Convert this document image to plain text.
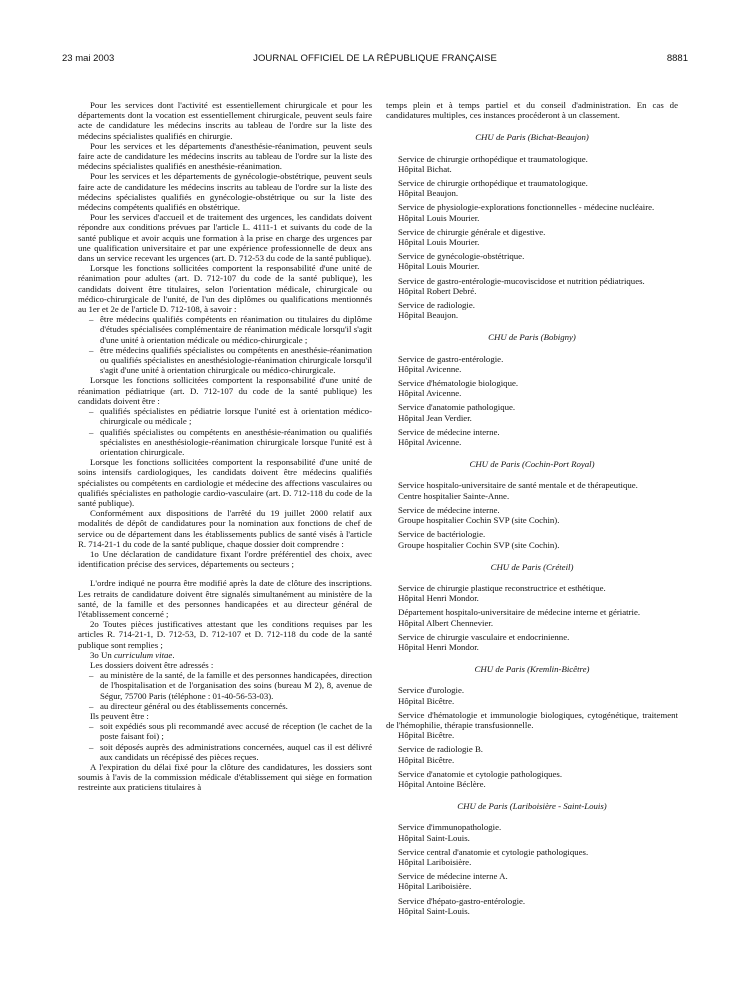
23 mai 2003	JOURNAL OFFICIEL DE LA RÉPUBLIQUE FRANÇAISE	8881

Pour les services dont l'activité est essentiellement chirurgicale et pour les départements dont la vocation est essentiellement chirurgicale, peuvent seuls faire acte de candidature les médecins inscrits au tableau de l'ordre sur la liste des médecins spécialistes qualifiés en chirurgie.

Pour les services et les départements d'anesthésie-réanimation, peuvent seuls faire acte de candidature les médecins inscrits au tableau de l'ordre sur la liste des médecins spécialistes qualifiés en anesthésie-réanimation.

Pour les services et les départements de gynécologie-obstétrique, peuvent seuls faire acte de candidature les médecins inscrits au tableau de l'ordre sur la liste des médecins spécialistes qualifiés en gynécologie-obstétrique ou sur la liste des médecins compétents qualifiés en obstétrique.

Pour les services d'accueil et de traitement des urgences, les candidats doivent répondre aux conditions prévues par l'article L. 4111-1 et suivants du code de la santé publique et avoir acquis une formation à la prise en charge des urgences par une qualification universitaire et par une expérience professionnelle de deux ans dans un service recevant les urgences (art. D. 712-53 du code de la santé publique).

Lorsque les fonctions sollicitées comportent la responsabilité d'une unité de réanimation pour adultes (art. D. 712-107 du code de la santé publique), les candidats doivent être titulaires, selon l'orientation médicale, chirurgicale ou médico-chirurgicale de l'unité, de l'un des diplômes ou qualifications mentionnés au 1er et 2e de l'article D. 712-108, à savoir :

– être médecins qualifiés compétents en réanimation ou titulaires du diplôme d'études spécialisées complémentaire de réanimation médicale lorsqu'il s'agit d'une unité à orientation médicale ou médico-chirurgicale ;
– être médecins qualifiés spécialistes ou compétents en anesthésie-réanimation ou qualifiés spécialistes en anesthésiologie-réanimation chirurgicale lorsqu'il s'agit d'une unité à orientation chirurgicale ou médico-chirurgicale.

Lorsque les fonctions sollicitées comportent la responsabilité d'une unité de réanimation pédiatrique (art. D. 712-107 du code de la santé publique) les candidats doivent être :

– qualifiés spécialistes en pédiatrie lorsque l'unité est à orientation médico-chirurgicale ou médicale ;
– qualifiés spécialistes ou compétents en anesthésie-réanimation ou qualifiés spécialistes en anesthésiologie-réanimation chirurgicale lorsque l'unité est à orientation chirurgicale.

Lorsque les fonctions sollicitées comportent la responsabilité d'une unité de soins intensifs cardiologiques, les candidats doivent être médecins qualifiés spécialistes ou compétents en cardiologie et médecine des affections vasculaires ou qualifiés spécialistes en pathologie cardio-vasculaire (art. D. 712-118 du code de la santé publique).

Conformément aux dispositions de l'arrêté du 19 juillet 2000 relatif aux modalités de dépôt de candidatures pour la nomination aux fonctions de chef de service ou de département dans les établissements publics de santé visés à l'article R. 714-21-1 du code de la santé publique, chaque dossier doit comprendre :

1o Une déclaration de candidature fixant l'ordre préférentiel des choix, avec identification précise des services, départements ou secteurs ;

L'ordre indiqué ne pourra être modifié après la date de clôture des inscriptions. Les retraits de candidature doivent être signalés simultanément au ministère de la santé, de la famille et des personnes handicapées et au directeur général de l'établissement concerné ;

2o Toutes pièces justificatives attestant que les conditions requises par les articles R. 714-21-1, D. 712-53, D. 712-107 et D. 712-118 du code de la santé publique sont remplies ;

3o Un curriculum vitae.

Les dossiers doivent être adressés :

– au ministère de la santé, de la famille et des personnes handicapées, direction de l'hospitalisation et de l'organisation des soins (bureau M 2), 8, avenue de Ségur, 75700 Paris (téléphone : 01-40-56-53-03).
– au directeur général ou des établissements concernés.

Ils peuvent être :

– soit expédiés sous pli recommandé avec accusé de réception (le cachet de la poste faisant foi) ;
– soit déposés auprès des administrations concernées, auquel cas il est délivré aux candidats un récépissé des pièces reçues.

A l'expiration du délai fixé pour la clôture des candidatures, les dossiers sont soumis à l'avis de la commission médicale d'établissement qui siège en formation restreinte aux praticiens titulaires à

temps plein et à temps partiel et du conseil d'administration. En cas de candidatures multiples, ces instances procéderont à un classement.

CHU de Paris (Bichat-Beaujon)
Service de chirurgie orthopédique et traumatologique.
Hôpital Bichat.
Service de chirurgie orthopédique et traumatologique.
Hôpital Beaujon.
Service de physiologie-explorations fonctionnelles - médecine nucléaire.
Hôpital Louis Mourier.
Service de chirurgie générale et digestive.
Hôpital Louis Mourier.
Service de gynécologie-obstétrique.
Hôpital Louis Mourier.
Service de gastro-entérologie-mucoviscidose et nutrition pédiatriques.
Hôpital Robert Debré.
Service de radiologie.
Hôpital Beaujon.
CHU de Paris (Bobigny)
Service de gastro-entérologie.
Hôpital Avicenne.
Service d'hématologie biologique.
Hôpital Avicenne.
Service d'anatomie pathologique.
Hôpital Jean Verdier.
Service de médecine interne.
Hôpital Avicenne.
CHU de Paris (Cochin-Port Royal)
Service hospitalo-universitaire de santé mentale et de thérapeutique.
Centre hospitalier Sainte-Anne.
Service de médecine interne.
Groupe hospitalier Cochin SVP (site Cochin).
Service de bactériologie.
Groupe hospitalier Cochin SVP (site Cochin).
CHU de Paris (Créteil)
Service de chirurgie plastique reconstructrice et esthétique.
Hôpital Henri Mondor.
Département hospitalo-universitaire de médecine interne et gériatrie.
Hôpital Albert Chennevier.
Service de chirurgie vasculaire et endocrinienne.
Hôpital Henri Mondor.
CHU de Paris (Kremlin-Bicêtre)
Service d'urologie.
Hôpital Bicêtre.
Service d'hématologie et immunologie biologiques, cytogénétique, traitement de l'hémophilie, thérapie transfusionnelle.
Hôpital Bicêtre.
Service de radiologie B.
Hôpital Bicêtre.
Service d'anatomie et cytologie pathologiques.
Hôpital Antoine Béclère.
CHU de Paris (Lariboisière - Saint-Louis)
Service d'immunopathologie.
Hôpital Saint-Louis.
Service central d'anatomie et cytologie pathologiques.
Hôpital Lariboisière.
Service de médecine interne A.
Hôpital Lariboisière.
Service d'hépato-gastro-entérologie.
Hôpital Saint-Louis.
